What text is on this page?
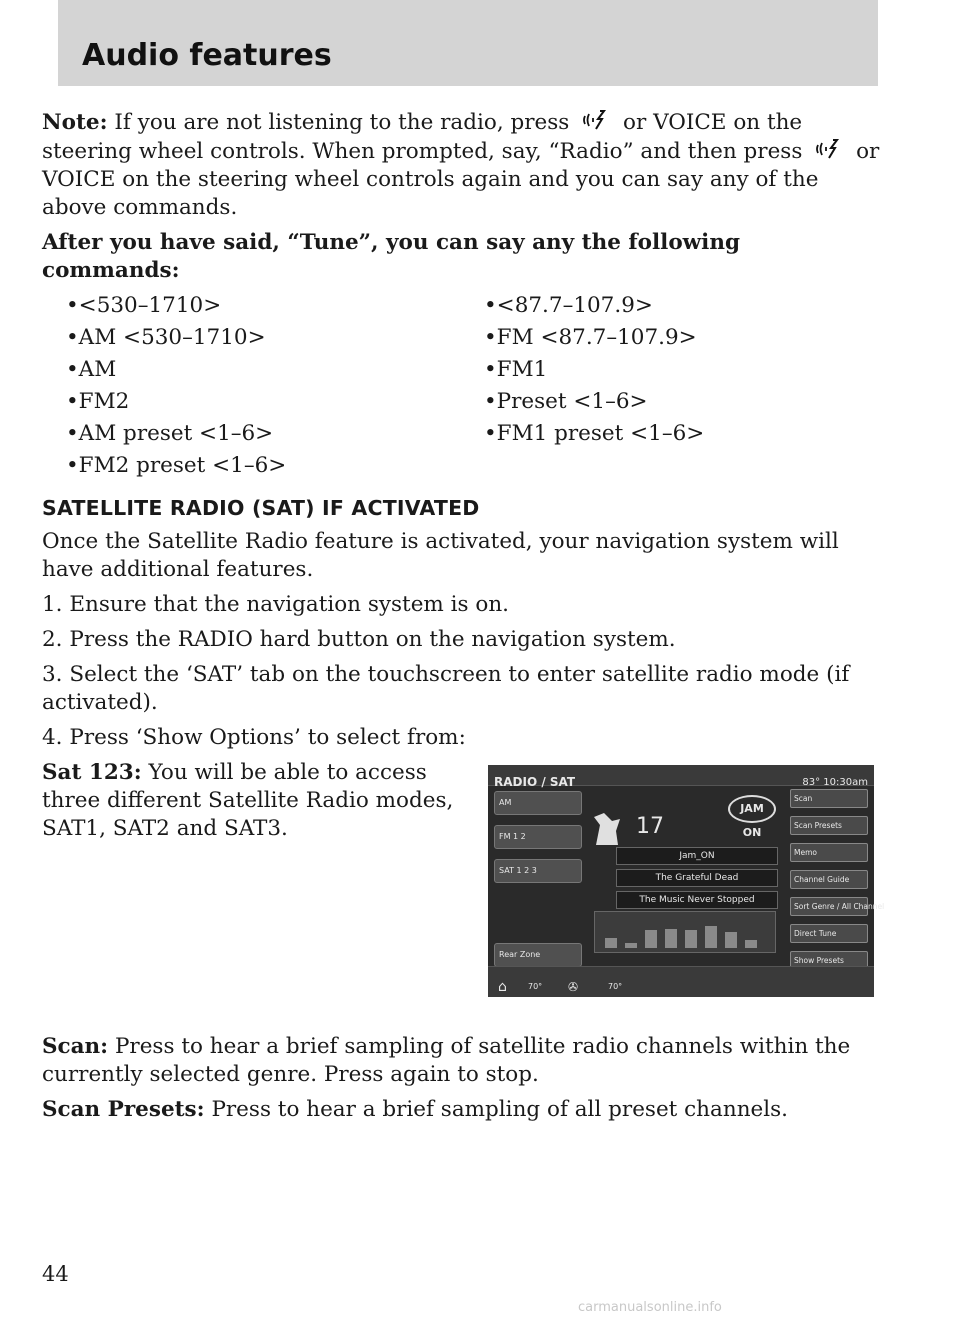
Audio features

Note: If you are not listening to the radio, press or VOICE on the steering wheel controls. When prompted, say, “Radio” and then press or VOICE on the steering wheel controls again and you can say any of the above commands.

After you have said, “Tune”, you can say any the following commands:

•<530–1710>	•<87.7–107.9>
•AM <530–1710>	•FM <87.7–107.9>
•AM	•FM1
•FM2	•Preset <1–6>
•AM preset <1–6>	•FM1 preset <1–6>
•FM2 preset <1–6>
SATELLITE RADIO (SAT) IF ACTIVATED

Once the Satellite Radio feature is activated, your navigation system will have additional features.

1. Ensure that the navigation system is on.

2. Press the RADIO hard button on the navigation system.

3. Select the ‘SAT’ tab on the touchscreen to enter satellite radio mode (if activated).

4. Press ‘Show Options’ to select from:

Sat 123: You will be able to access three different Satellite Radio modes, SAT1, SAT2 and SAT3.

RADIO / SAT	83° 10:30am
AM
FM 1 2
SAT 1 2 3
Rear Zone
17
JAM ON
Jam_ON
The Grateful Dead
The Music Never Stopped
Scan
Scan Presets
Memo
Channel Guide
Sort Genre / All Channel
Direct Tune
Show Presets
⌂	70° ✇	70°

Scan: Press to hear a brief sampling of satellite radio channels within the currently selected genre. Press again to stop.

Scan Presets: Press to hear a brief sampling of all preset channels.

44

carmanualsonline.info
